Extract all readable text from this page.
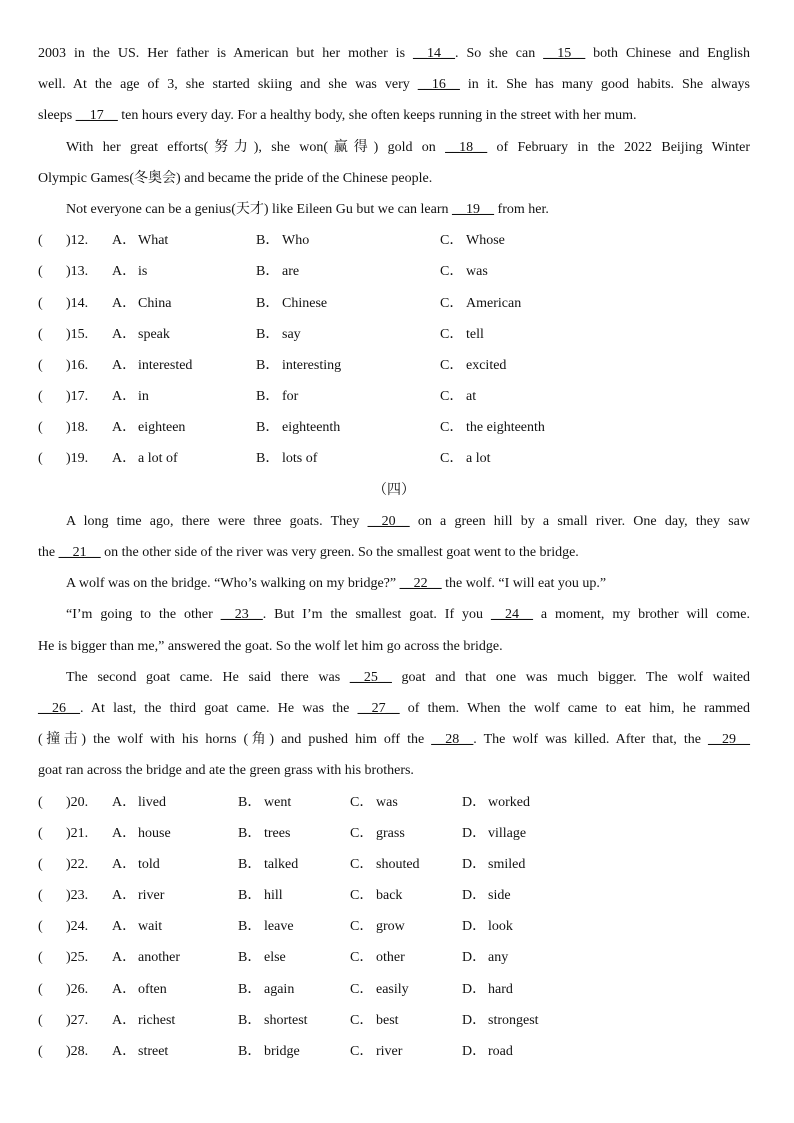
2003 in the US. Her father is American but her mother is __14__. So she can __15__ both Chinese and English
well. At the age of 3, she started skiing and she was very __16__ in it. She has many good habits. She always
sleeps __17__ ten hours every day. For a healthy body, she often keeps running in the street with her mum.
With her great efforts(努力), she won(赢得) gold on __18__ of February in the 2022 Beijing Winter
Olympic Games(冬奥会) and became the pride of the Chinese people.
Not everyone can be a genius(天才) like Eileen Gu but we can learn __19__ from her.
(	)12.	A． What	B． Who	C． Whose
(	)13.	A． is	B． are	C． was
(	)14.	A． China	B． Chinese	C． American
(	)15.	A． speak	B． say	C． tell
(	)16.	A． interested	B． interesting	C． excited
(	)17.	A． in	B． for	C． at
(	)18.	A． eighteen	B． eighteenth	C． the eighteenth
(	)19.	A． a lot of	B． lots of	C． a lot
（四）
A long time ago, there were three goats. They __20__ on a green hill by a small river. One day, they saw
the __21__ on the other side of the river was very green. So the smallest goat went to the bridge.
A wolf was on the bridge. “Who’s walking on my bridge?” __22__ the wolf. “I will eat you up.”
“I’m going to the other __23__. But I’m the smallest goat. If you __24__ a moment, my brother will come.
He is bigger than me,” answered the goat. So the wolf let him go across the bridge.
The second goat came. He said there was __25__ goat and that one was much bigger. The wolf waited
__26__. At last, the third goat came. He was the __27__ of them. When the wolf came to eat him, he rammed
(撞击) the wolf with his horns (角) and pushed him off the __28__. The wolf was killed. After that, the __29__
goat ran across the bridge and ate the green grass with his brothers.
(	)20.	A． lived	B． went	C． was	D． worked
(	)21.	A． house	B． trees	C． grass	D． village
(	)22.	A． told	B． talked	C． shouted	D． smiled
(	)23.	A． river	B． hill	C． back	D． side
(	)24.	A． wait	B． leave	C． grow	D． look
(	)25.	A． another	B． else	C． other	D． any
(	)26.	A． often	B． again	C． easily	D． hard
(	)27.	A． richest	B． shortest	C． best	D． strongest
(	)28.	A． street	B． bridge	C． river	D． road
